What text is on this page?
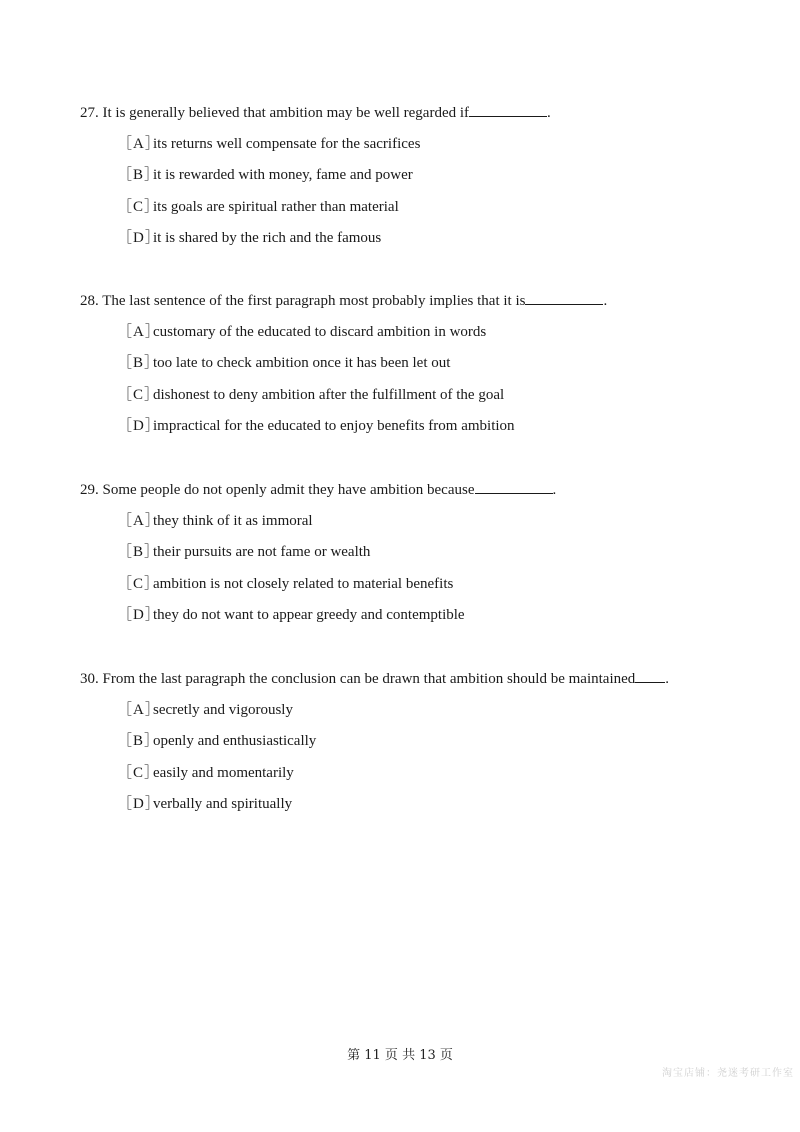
27. It is generally believed that ambition may be well regarded if	.
［A］its returns well compensate for the sacrifices
［B］it is rewarded with money, fame and power
［C］its goals are spiritual rather than material
［D］it is shared by the rich and the famous
28. The last sentence of the first paragraph most probably implies that it is	.
［A］customary of the educated to discard ambition in words
［B］too late to check ambition once it has been let out
［C］dishonest to deny ambition after the fulfillment of the goal
［D］impractical for the educated to enjoy benefits from ambition
29. Some people do not openly admit they have ambition because	.
［A］they think of it as immoral
［B］their pursuits are not fame or wealth
［C］ambition is not closely related to material benefits
［D］they do not want to appear greedy and contemptible
30. From the last paragraph the conclusion can be drawn that ambition should be maintained .
［A］secretly and vigorously
［B］openly and enthusiastically
［C］easily and momentarily
［D］verbally and spiritually
第 11 页 共 13 页
淘宝店铺：尧迷考研工作室
